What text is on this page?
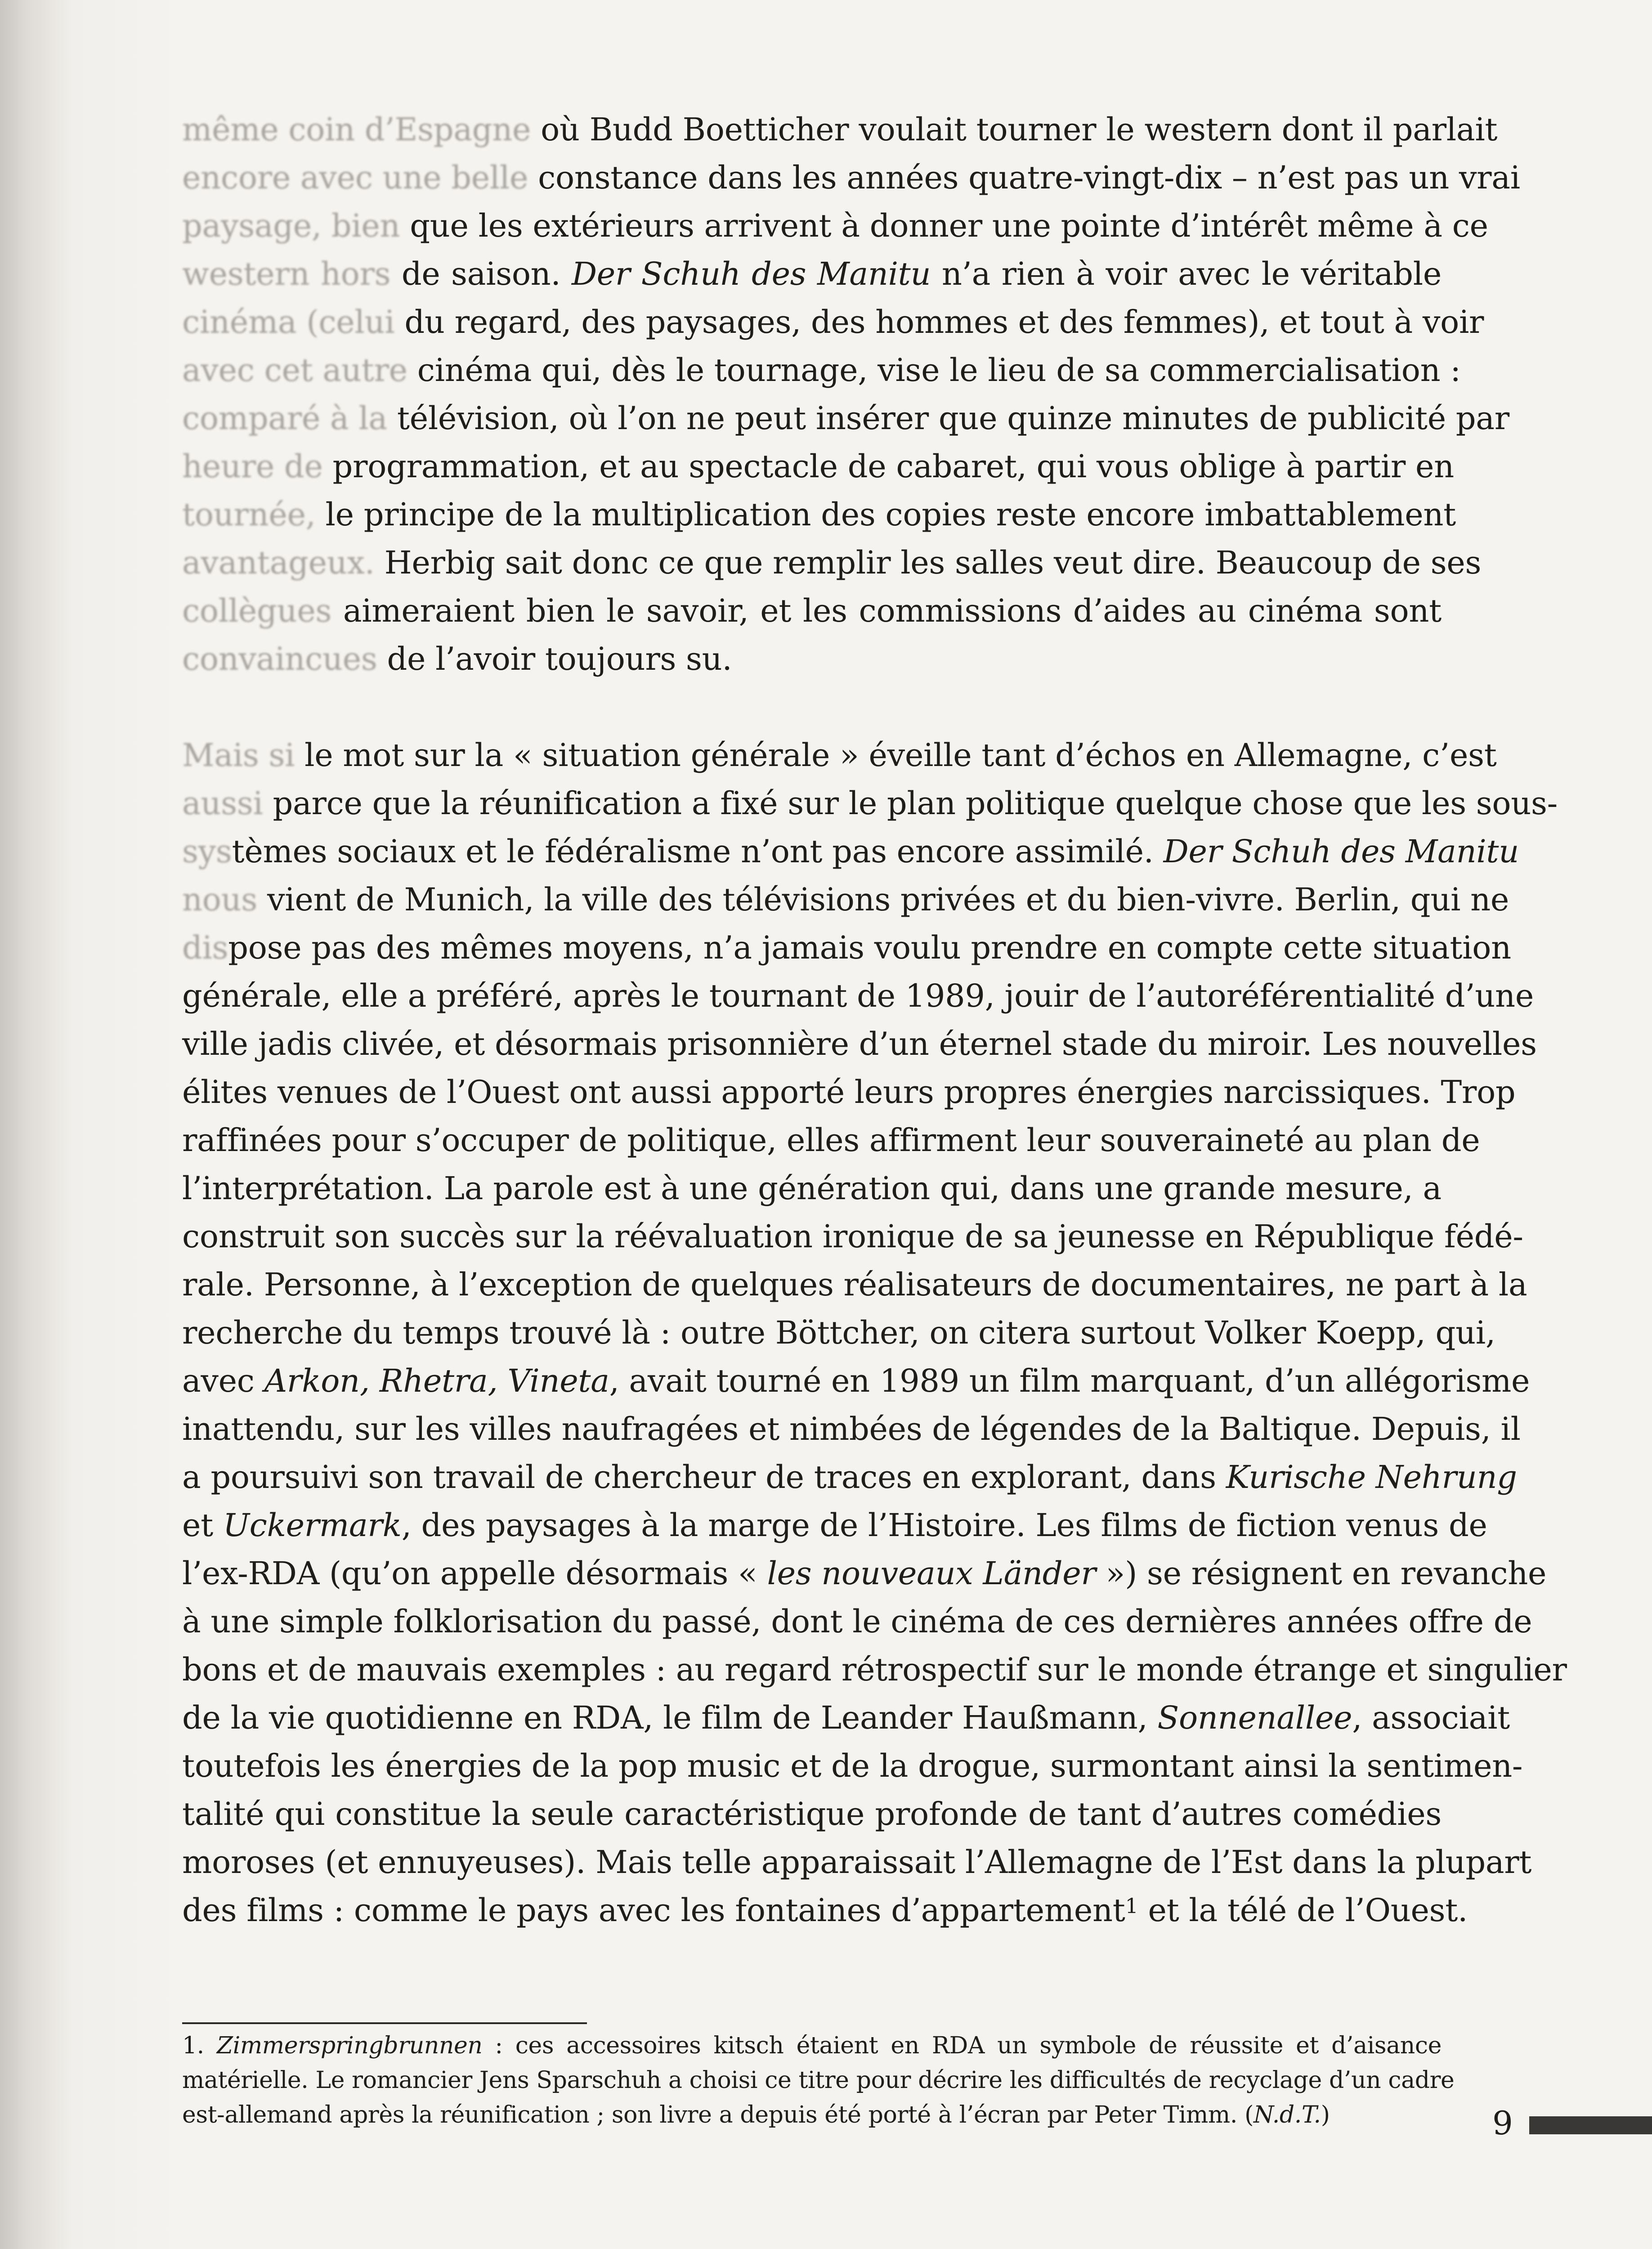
même coin d’Espagne où Budd Boetticher voulait tourner le western dont il parlait
encore avec une belle constance dans les années quatre-vingt-dix – n’est pas un vrai
paysage, bien que les extérieurs arrivent à donner une pointe d’intérêt même à ce
western hors de saison. Der Schuh des Manitu n’a rien à voir avec le véritable
cinéma (celui du regard, des paysages, des hommes et des femmes), et tout à voir
avec cet autre cinéma qui, dès le tournage, vise le lieu de sa commercialisation :
comparé à la télévision, où l’on ne peut insérer que quinze minutes de publicité par
heure de programmation, et au spectacle de cabaret, qui vous oblige à partir en
tournée, le principe de la multiplication des copies reste encore imbattablement
avantageux. Herbig sait donc ce que remplir les salles veut dire. Beaucoup de ses
collègues aimeraient bien le savoir, et les commissions d’aides au cinéma sont
convaincues de l’avoir toujours su.
Mais si le mot sur la « situation générale » éveille tant d’échos en Allemagne, c’est
aussi parce que la réunification a fixé sur le plan politique quelque chose que les sous-
systèmes sociaux et le fédéralisme n’ont pas encore assimilé. Der Schuh des Manitu
nous vient de Munich, la ville des télévisions privées et du bien-vivre. Berlin, qui ne
dispose pas des mêmes moyens, n’a jamais voulu prendre en compte cette situation
générale, elle a préféré, après le tournant de 1989, jouir de l’autoréférentialité d’une
ville jadis clivée, et désormais prisonnière d’un éternel stade du miroir. Les nouvelles
élites venues de l’Ouest ont aussi apporté leurs propres énergies narcissiques. Trop
raffinées pour s’occuper de politique, elles affirment leur souveraineté au plan de
l’interprétation. La parole est à une génération qui, dans une grande mesure, a
construit son succès sur la réévaluation ironique de sa jeunesse en République fédé-
rale. Personne, à l’exception de quelques réalisateurs de documentaires, ne part à la
recherche du temps trouvé là : outre Böttcher, on citera surtout Volker Koepp, qui,
avec Arkon, Rhetra, Vineta, avait tourné en 1989 un film marquant, d’un allégorisme
inattendu, sur les villes naufragées et nimbées de légendes de la Baltique. Depuis, il
a poursuivi son travail de chercheur de traces en explorant, dans Kurische Nehrung
et Uckermark, des paysages à la marge de l’Histoire. Les films de fiction venus de
l’ex-RDA (qu’on appelle désormais « les nouveaux Länder ») se résignent en revanche
à une simple folklorisation du passé, dont le cinéma de ces dernières années offre de
bons et de mauvais exemples : au regard rétrospectif sur le monde étrange et singulier
de la vie quotidienne en RDA, le film de Leander Haußmann, Sonnenallee, associait
toutefois les énergies de la pop music et de la drogue, surmontant ainsi la sentimen-
talité qui constitue la seule caractéristique profonde de tant d’autres comédies
moroses (et ennuyeuses). Mais telle apparaissait l’Allemagne de l’Est dans la plupart
des films : comme le pays avec les fontaines d’appartement$^1$ et la télé de l’Ouest.
1. Zimmerspringbrunnen : ces accessoires kitsch étaient en RDA un symbole de réussite et d’aisance
matérielle. Le romancier Jens Sparschuh a choisi ce titre pour décrire les difficultés de recyclage d’un cadre
est-allemand après la réunification ; son livre a depuis été porté à l’écran par Peter Timm. (N.d.T.)	9
